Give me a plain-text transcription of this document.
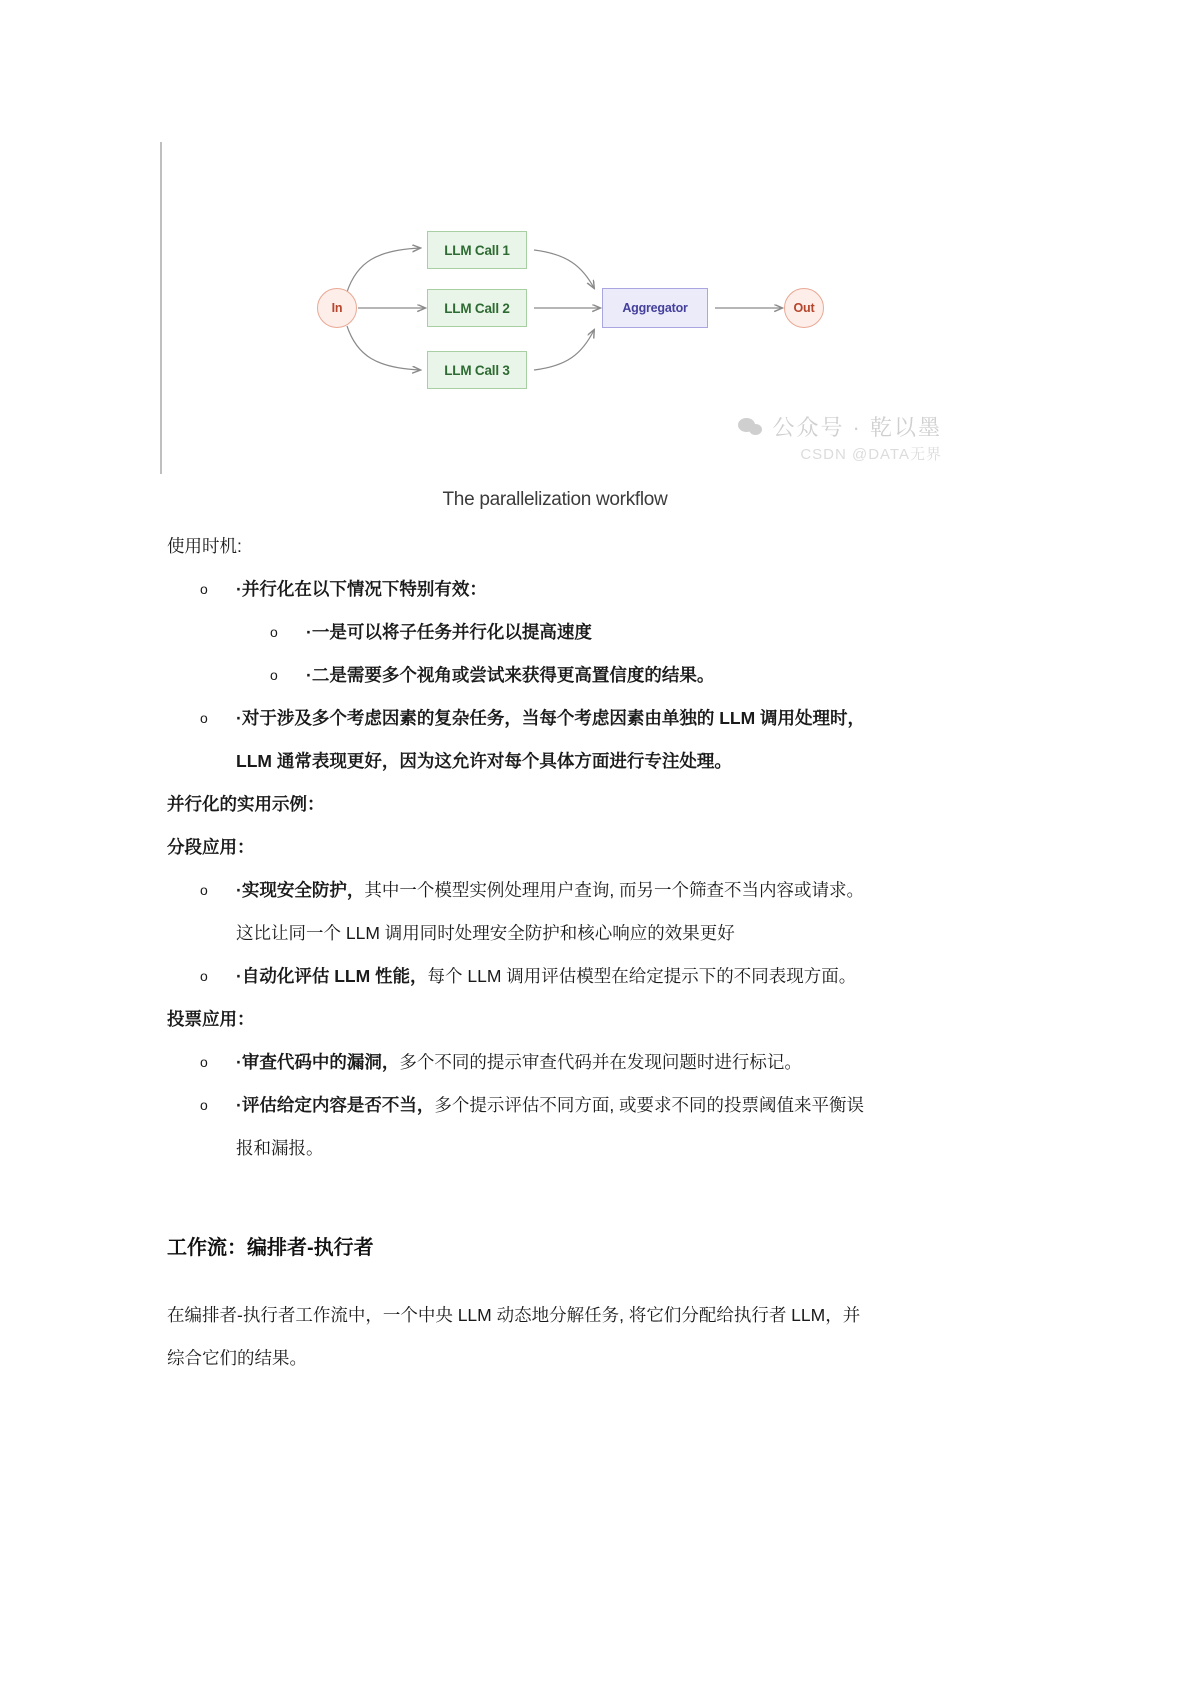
In
LLM Call 1
LLM Call 2
LLM Call 3
Aggregator	Out
公众号 · 乾以墨
CSDN @DATA无界
The parallelization workflow
使用时机:
o ·并行化在以下情况下特别有效：
o ·一是可以将子任务并行化以提高速度
o ·二是需要多个视角或尝试来获得更高置信度的结果。
o ·对于涉及多个考虑因素的复杂任务，当每个考虑因素由单独的 LLM 调用处理时，
LLM 通常表现更好，因为这允许对每个具体方面进行专注处理。
并行化的实用示例：
分段应用：
o ·实现安全防护，其中一个模型实例处理用户查询, 而另一个筛查不当内容或请求。
这比让同一个 LLM 调用同时处理安全防护和核心响应的效果更好
o ·自动化评估 LLM 性能，每个 LLM 调用评估模型在给定提示下的不同表现方面。
投票应用：
o ·审查代码中的漏洞，多个不同的提示审查代码并在发现问题时进行标记。
o ·评估给定内容是否不当，多个提示评估不同方面, 或要求不同的投票阈值来平衡误
报和漏报。
工作流：编排者-执行者
在编排者-执行者工作流中，一个中央 LLM 动态地分解任务, 将它们分配给执行者 LLM，并
综合它们的结果。
